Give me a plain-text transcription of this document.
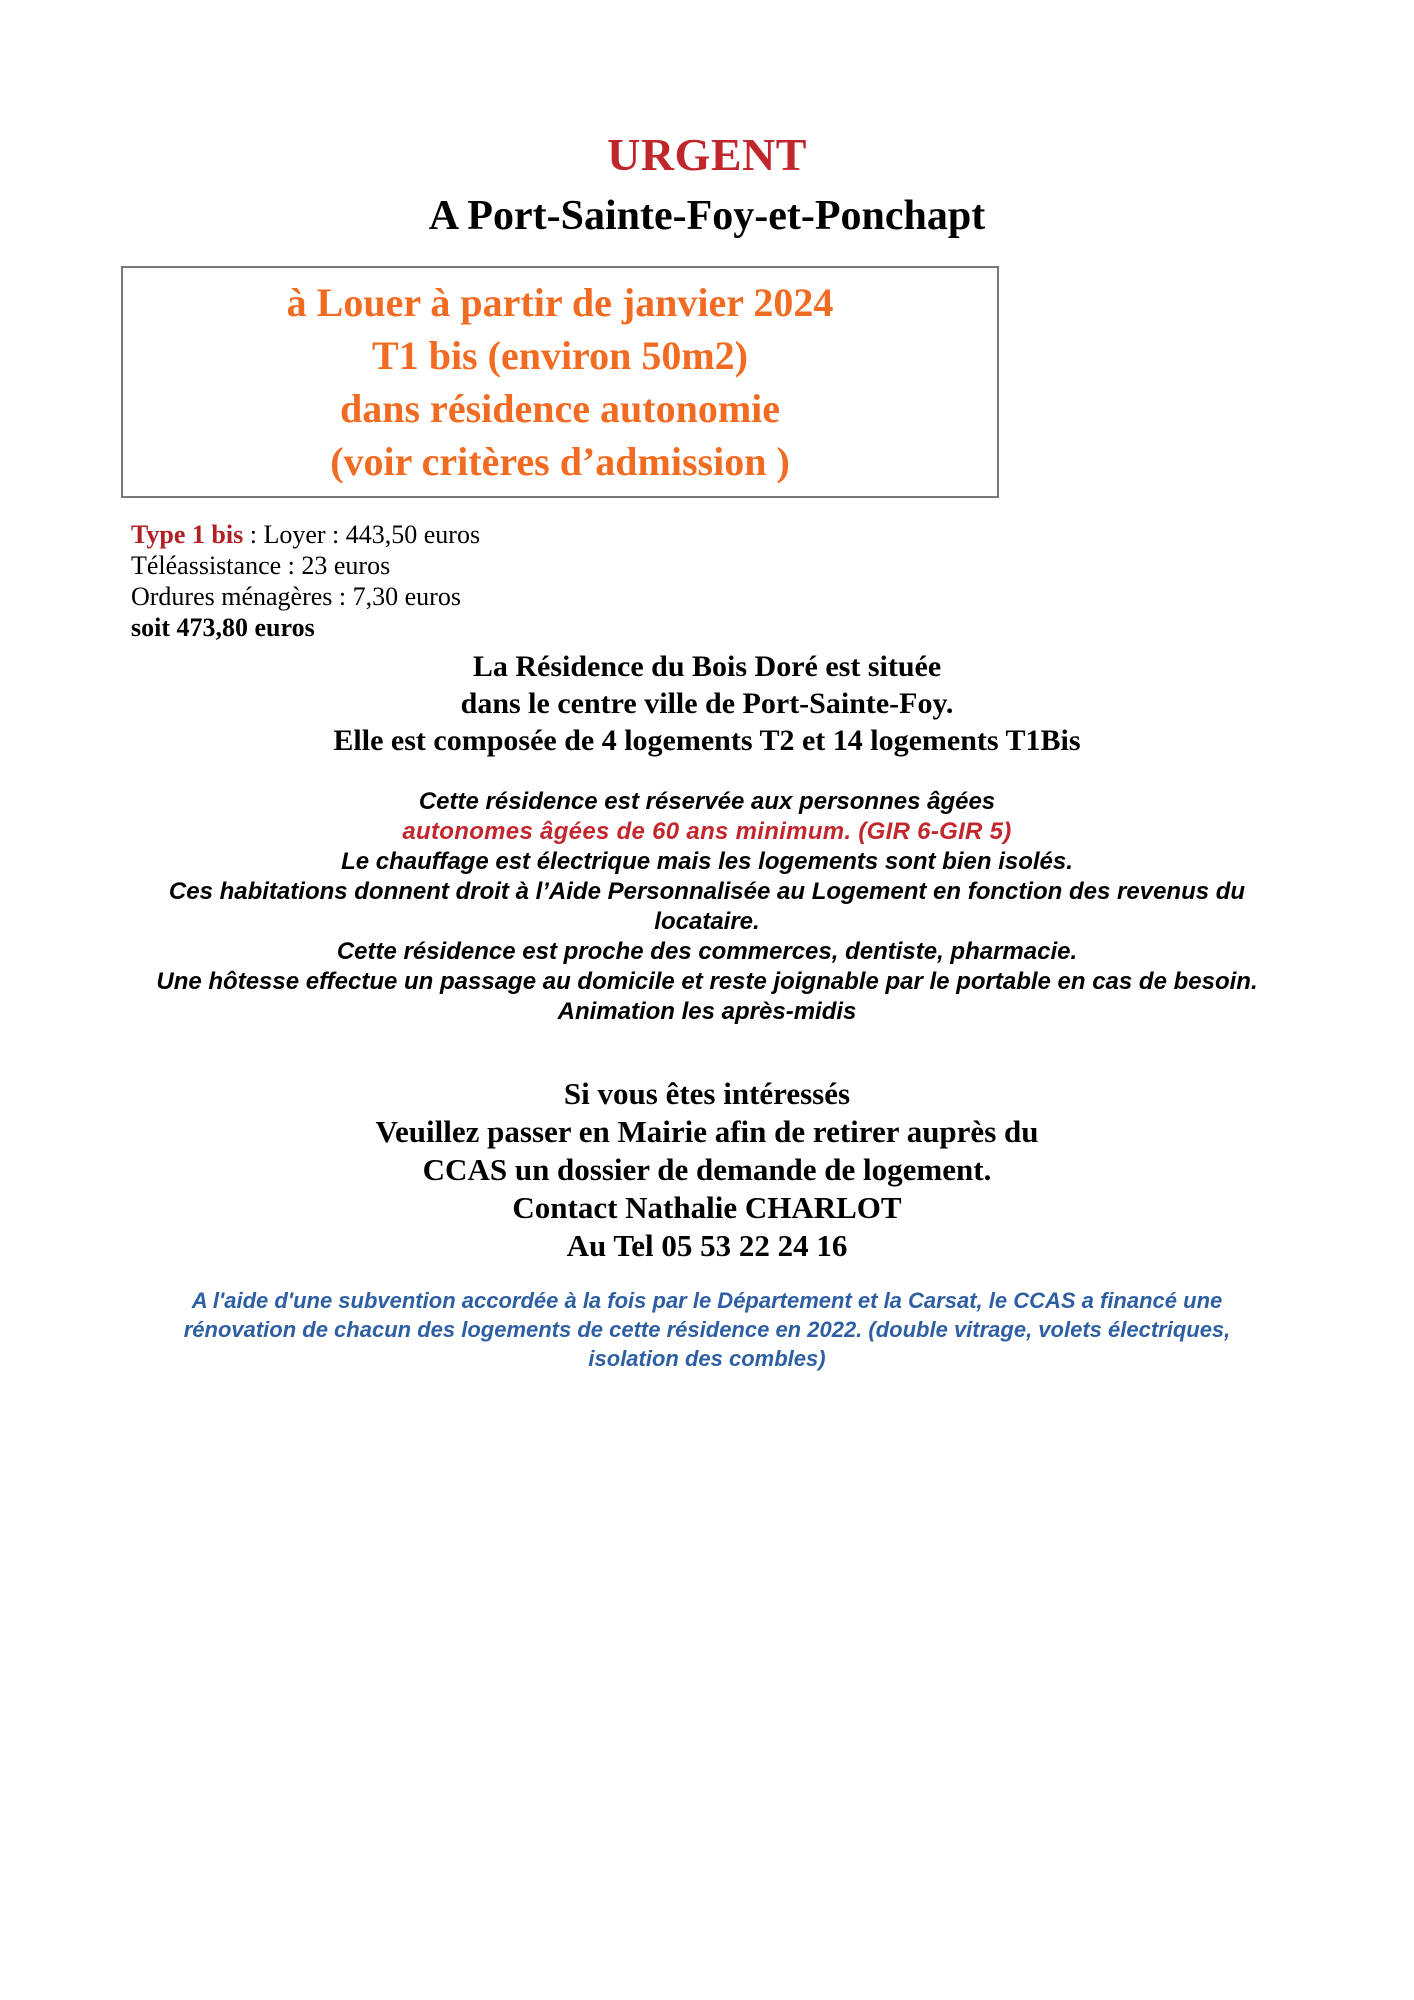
URGENT
A Port-Sainte-Foy-et-Ponchapt
à Louer à partir de janvier 2024
T1 bis (environ 50m2)
dans résidence autonomie
(voir critères d’admission )
Type 1 bis : Loyer : 443,50 euros
Téléassistance : 23 euros
Ordures ménagères : 7,30 euros
soit 473,80 euros
La Résidence du Bois Doré est située
dans le centre ville de Port-Sainte-Foy.
Elle est composée de 4 logements T2 et 14 logements T1Bis
Cette résidence est réservée aux personnes âgées
autonomes âgées de 60 ans minimum. (GIR 6-GIR 5)
Le chauffage est électrique mais les logements sont bien isolés.
Ces habitations donnent droit à l’Aide Personnalisée au Logement en fonction des revenus du locataire.
Cette résidence est proche des commerces, dentiste, pharmacie.
Une hôtesse effectue un passage au domicile et reste joignable par le portable en cas de besoin.
Animation les après-midis
Si vous êtes intéressés
Veuillez passer en Mairie afin de retirer auprès du
CCAS un dossier de demande de logement.
Contact Nathalie CHARLOT
Au Tel 05 53 22 24 16
A l'aide d'une subvention accordée à la fois par le Département et la Carsat, le CCAS a financé une rénovation de chacun des logements de cette résidence en 2022. (double vitrage, volets électriques, isolation des combles)
